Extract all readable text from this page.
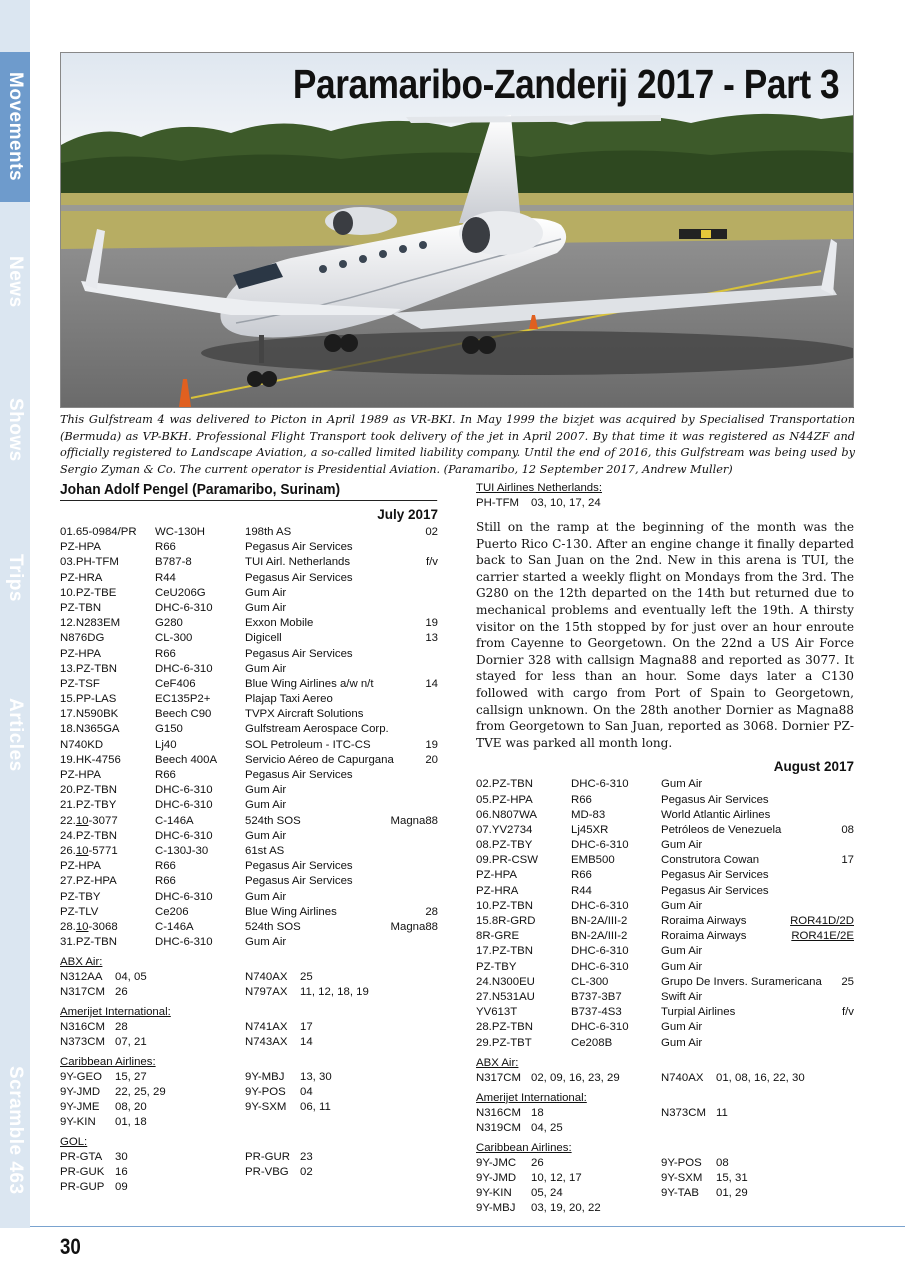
Movements
News
Shows
Trips
Articles
Scramble 463
Paramaribo-Zanderij 2017 - Part 3
This Gulfstream 4 was delivered to Picton in April 1989 as VR-BKI. In May 1999 the bizjet was acquired by Specialised Transportation (Bermuda) as VP-BKH. Professional Flight Transport took delivery of the jet in April 2007. By that time it was registered as N44ZF and officially registered to Landscape Aviation, a so-called limited liability company. Until the end of 2016, this Gulfstream was being used by Sergio Zyman & Co. The current operator is Presidential Aviation. (Paramaribo, 12 September 2017, Andrew Muller)
Johan Adolf Pengel (Paramaribo, Surinam)
July 2017
01.65-0984/PR	WC-130H	198th AS	02
PZ-HPA	R66	Pegasus Air Services
03.PH-TFM	B787-8	TUI Airl. Netherlands	f/v
PZ-HRA	R44	Pegasus Air Services
10.PZ-TBE	CeU206G	Gum Air
PZ-TBN	DHC-6-310	Gum Air
12.N283EM	G280	Exxon Mobile	19
N876DG	CL-300	Digicell	13
PZ-HPA	R66	Pegasus Air Services
13.PZ-TBN	DHC-6-310	Gum Air
PZ-TSF	CeF406	Blue Wing Airlines a/w n/t	14
15.PP-LAS	EC135P2+	Plajap Taxi Aereo
17.N590BK	Beech C90	TVPX Aircraft Solutions
18.N365GA	G150	Gulfstream Aerospace Corp.
N740KD	Lj40	SOL Petroleum - ITC-CS	19
19.HK-4756	Beech 400A	Servicio Aéreo de Capurgana	20
PZ-HPA	R66	Pegasus Air Services
20.PZ-TBN	DHC-6-310	Gum Air
21.PZ-TBY	DHC-6-310	Gum Air
22.10-3077	C-146A	524th SOS	Magna88
24.PZ-TBN	DHC-6-310	Gum Air
26.10-5771	C-130J-30	61st AS
PZ-HPA	R66	Pegasus Air Services
27.PZ-HPA	R66	Pegasus Air Services
PZ-TBY	DHC-6-310	Gum Air
PZ-TLV	Ce206	Blue Wing Airlines	28
28.10-3068	C-146A	524th SOS	Magna88
31.PZ-TBN	DHC-6-310	Gum Air
ABX Air:
N312AA	04, 05	N740AX	25
N317CM 26	N797AX	11, 12, 18, 19
Amerijet International:
N316CM 28	N741AX	17
N373CM 07, 21	N743AX	14
Caribbean Airlines:
9Y-GEO	15, 27	9Y-MBJ	13, 30
9Y-JMD	22, 25, 29	9Y-POS	04
9Y-JME	08, 20	9Y-SXM	06, 11
9Y-KIN	01, 18
GOL:
PR-GTA	30	PR-GUR 23
PR-GUK 16	PR-VBG 02
PR-GUP 09
TUI Airlines Netherlands:
PH-TFM	03, 10, 17, 24
Still on the ramp at the beginning of the month was the Puerto Rico C-130. After an engine change it finally departed back to San Juan on the 2nd. New in this arena is TUI, the carrier started a weekly flight on Mondays from the 3rd. The G280 on the 12th departed on the 14th but returned due to mechanical problems and eventually left the 19th. A thirsty visitor on the 15th stopped by for just over an hour enroute from Cayenne to Georgetown. On the 22nd a US Air Force Dornier 328 with callsign Magna88 and reported as 3077. It stayed for less than an hour. Some days later a C130 followed with cargo from Port of Spain to Georgetown, callsign unknown. On the 28th another Dornier as Magna88 from Georgetown to San Juan, reported as 3068. Dornier PZ-TVE was parked all month long.
August 2017
02.PZ-TBN	DHC-6-310	Gum Air
05.PZ-HPA	R66	Pegasus Air Services
06.N807WA	MD-83	World Atlantic Airlines
07.YV2734	Lj45XR	Petróleos de Venezuela	08
08.PZ-TBY	DHC-6-310	Gum Air
09.PR-CSW	EMB500	Construtora Cowan	17
PZ-HPA	R66	Pegasus Air Services
PZ-HRA	R44	Pegasus Air Services
10.PZ-TBN	DHC-6-310	Gum Air
15.8R-GRD	BN-2A/III-2	Roraima Airways	ROR41D/2D
8R-GRE	BN-2A/III-2	Roraima Airways	ROR41E/2E
17.PZ-TBN	DHC-6-310	Gum Air
PZ-TBY	DHC-6-310	Gum Air
24.N300EU	CL-300	Grupo De Invers. Suramericana	25
27.N531AU	B737-3B7	Swift Air
YV613T	B737-4S3	Turpial Airlines	f/v
28.PZ-TBN	DHC-6-310	Gum Air
29.PZ-TBT	Ce208B	Gum Air
ABX Air:
N317CM 02, 09, 16, 23, 29	N740AX	01, 08, 16, 22, 30
Amerijet International:
N316CM 18	N373CM 11
N319CM 04, 25
Caribbean Airlines:
9Y-JMC	26	9Y-POS	08
9Y-JMD	10, 12, 17	9Y-SXM	15, 31
9Y-KIN	05, 24	9Y-TAB	01, 29
9Y-MBJ	03, 19, 20, 22
30
